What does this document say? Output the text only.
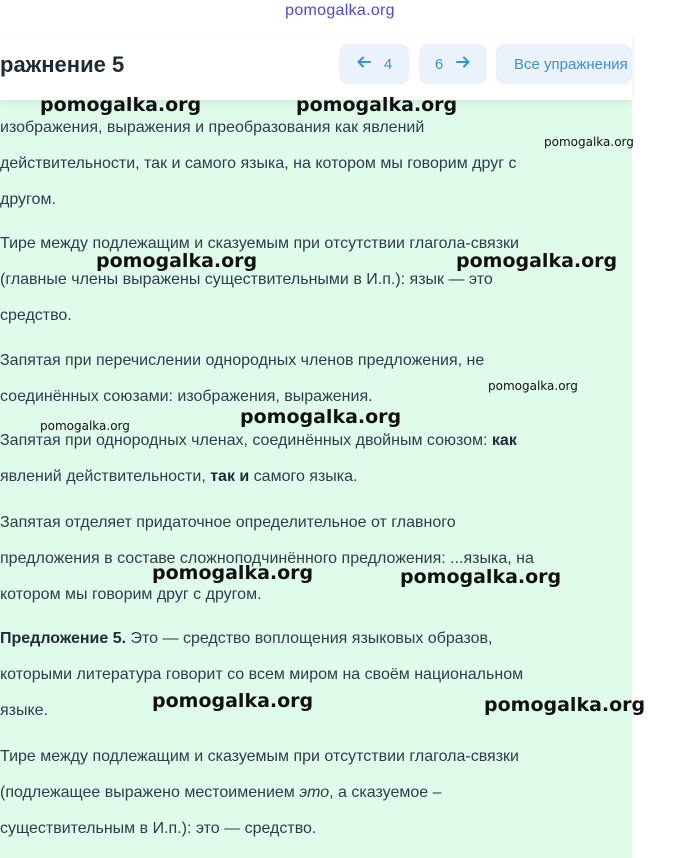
pomogalka.org
ражнение 5	4	6	Все упражнения

изображения, выражения и преобразования как явлений

действительности, так и самого языка, на котором мы говорим друг с

другом.

Тире между подлежащим и сказуемым при отсутствии глагола-связки

(главные члены выражены существительными в И.п.): язык — это

средство.

Запятая при перечислении однородных членов предложения, не

соединённых союзами: изображения, выражения.

Запятая при однородных членах, соединённых двойным союзом: как

явлений действительности, так и самого языка.

Запятая отделяет придаточное определительное от главного

предложения в составе сложноподчинённого предложения: ...языка, на

котором мы говорим друг с другом.

Предложение 5. Это — средство воплощения языковых образов,

которыми литература говорит со всем миром на своём национальном

языке.

Тире между подлежащим и сказуемым при отсутствии глагола-связки

(подлежащее выражено местоимением это, а сказуемое –

существительным в И.п.): это — средство.

pomogalka.org	pomogalka.org
pomogalka.org
pomogalka.org	pomogalka.org
pomogalka.org
pomogalka.org	pomogalka.org
pomogalka.org	pomogalka.org
pomogalka.org	pomogalka.org
